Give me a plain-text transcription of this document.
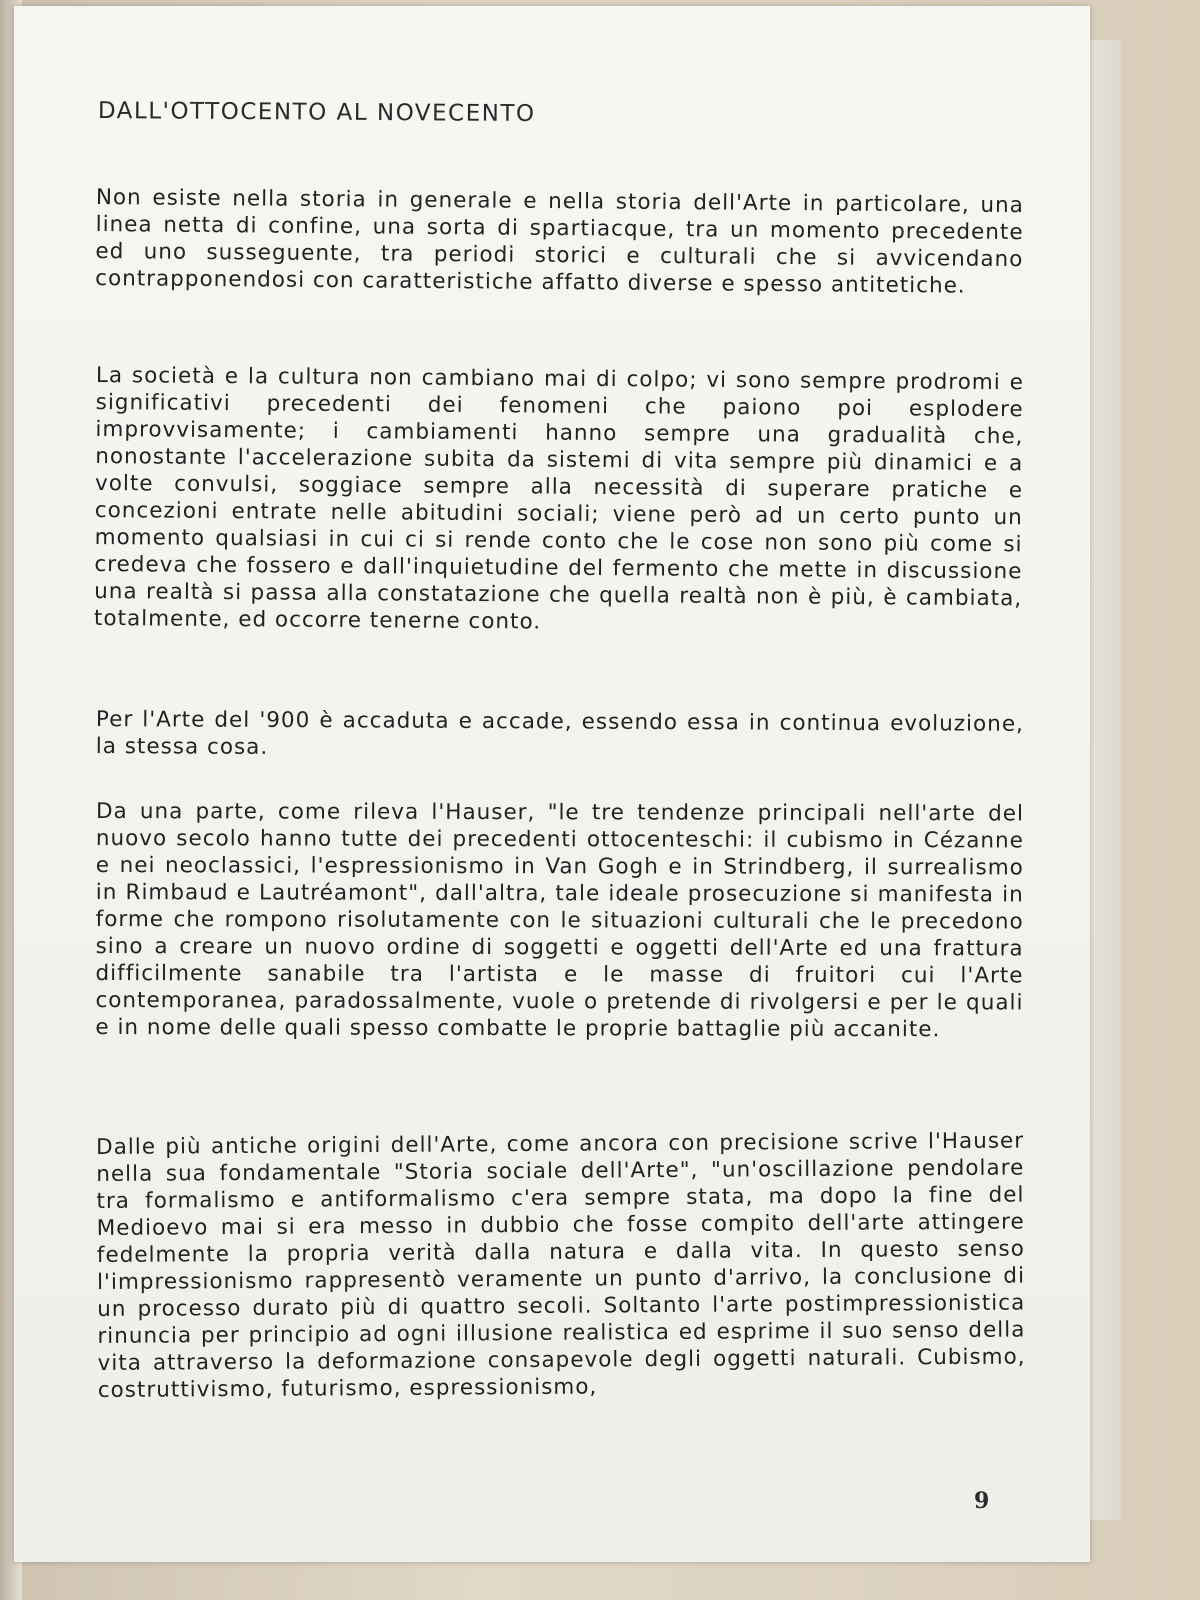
DALL'OTTOCENTO AL NOVECENTO

Non esiste nella storia in generale e nella storia dell'Arte in particolare, una linea netta di confine, una sorta di spartiacque, tra un momento precedente ed uno susseguente, tra periodi storici e culturali che si avvicendano contrapponendosi con caratteristiche affatto diverse e spesso antitetiche.

La società e la cultura non cambiano mai di colpo; vi sono sempre prodromi e significativi precedenti dei fenomeni che paiono poi esplodere improvvisamente; i cambiamenti hanno sempre una gradualità che, nonostante l'accelerazione subita da sistemi di vita sempre più dinamici e a volte convulsi, soggiace sempre alla necessità di superare pratiche e concezioni entrate nelle abitudini sociali; viene però ad un certo punto un momento qualsiasi in cui ci si rende conto che le cose non sono più come si credeva che fossero e dall'inquietudine del fermento che mette in discussione una realtà si passa alla constatazione che quella realtà non è più, è cambiata, totalmente, ed occorre tenerne conto.

Per l'Arte del '900 è accaduta e accade, essendo essa in continua evoluzione, la stessa cosa.

Da una parte, come rileva l'Hauser, "le tre tendenze principali nell'arte del nuovo secolo hanno tutte dei precedenti ottocenteschi: il cubismo in Cézanne e nei neoclassici, l'espressionismo in Van Gogh e in Strindberg, il surrealismo in Rimbaud e Lautréamont", dall'altra, tale ideale prosecuzione si manifesta in forme che rompono risolutamente con le situazioni culturali che le precedono sino a creare un nuovo ordine di soggetti e oggetti dell'Arte ed una frattura difficilmente sanabile tra l'artista e le masse di fruitori cui l'Arte contemporanea, paradossalmente, vuole o pretende di rivolgersi e per le quali e in nome delle quali spesso combatte le proprie battaglie più accanite.

Dalle più antiche origini dell'Arte, come ancora con precisione scrive l'Hauser nella sua fondamentale "Storia sociale dell'Arte", "un'oscillazione pendolare tra formalismo e antiformalismo c'era sempre stata, ma dopo la fine del Medioevo mai si era messo in dubbio che fosse compito dell'arte attingere fedelmente la propria verità dalla natura e dalla vita. In questo senso l'impressionismo rappresentò veramente un punto d'arrivo, la conclusione di un processo durato più di quattro secoli. Soltanto l'arte postimpressionistica rinuncia per principio ad ogni illusione realistica ed esprime il suo senso della vita attraverso la deformazione consapevole degli oggetti naturali. Cubismo, costruttivismo, futurismo, espressionismo,

9
